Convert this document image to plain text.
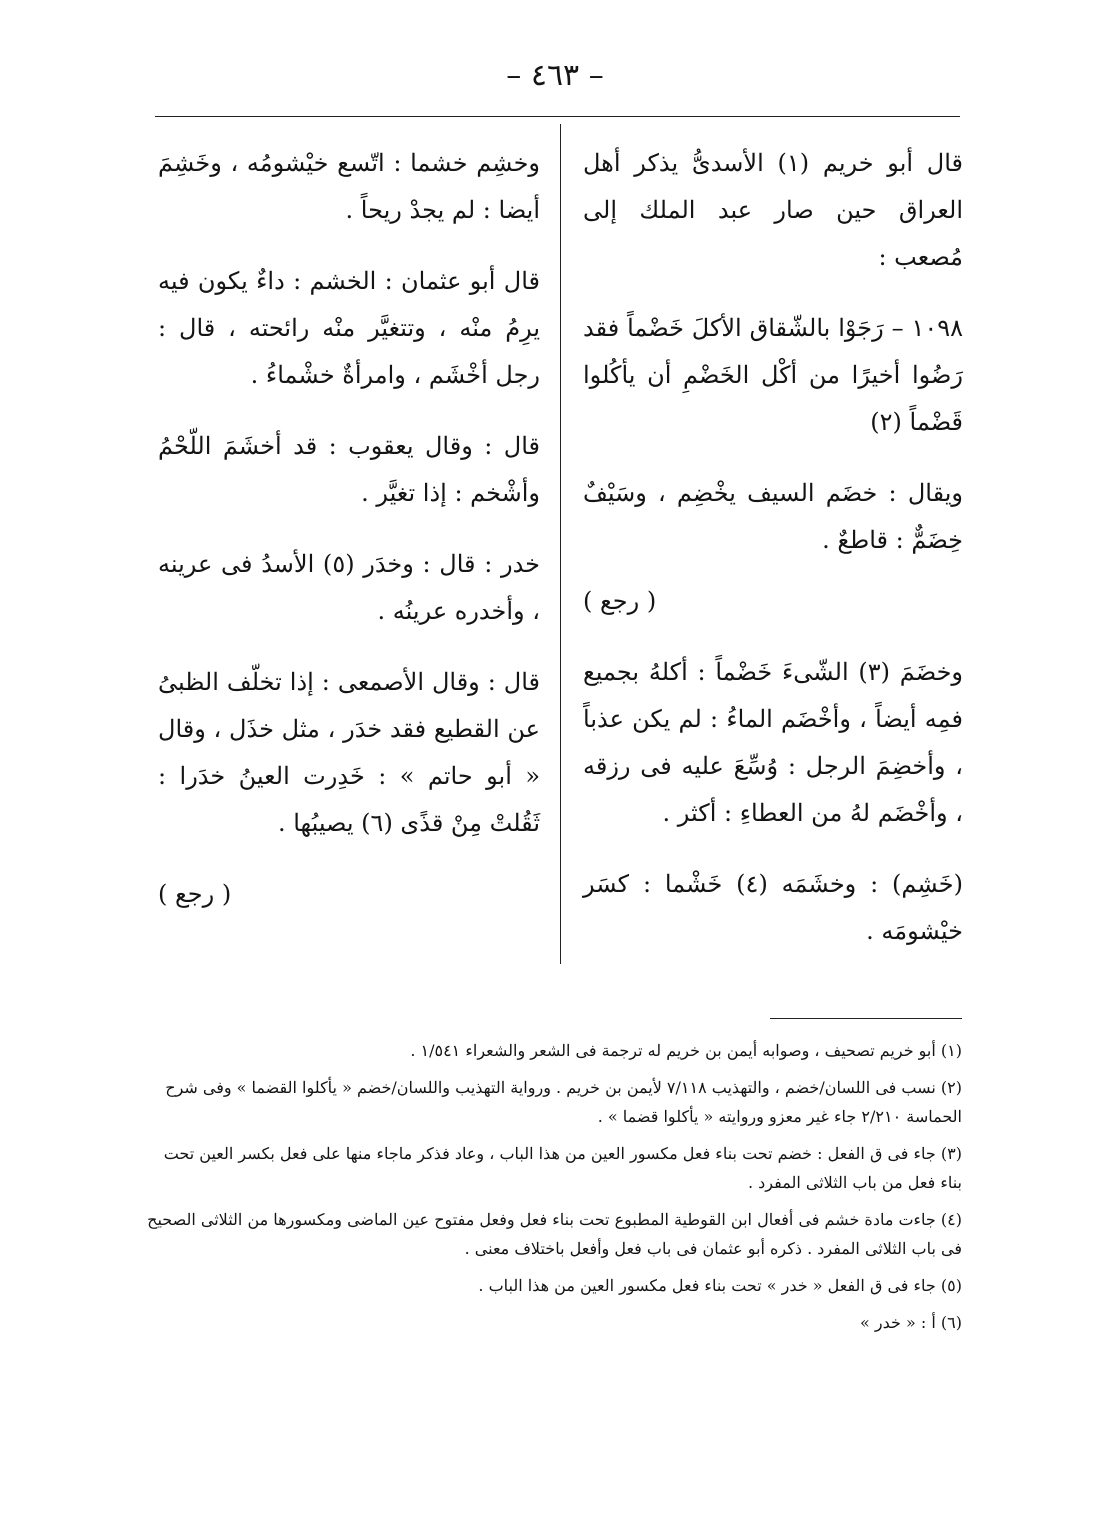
– ٤٦٣ –

قال أبو خريم (١) الأسدىُّ يذكر أهل العراق حين صار عبد الملك إلى مُصعب :

١٠٩٨ – رَجَوْا بالشّقاق الأكلَ خَضْماً فقد رَضُوا أخيرًا من أكْل الخَضْمِ أن يأكُلوا قَضْماً (٢)

ويقال : خضَم السيف يخْضِم ، وسَيْفٌ خِضَمٌّ : قاطعٌ .

( رجع )

وخضَمَ (٣) الشّىءَ خَضْماً : أكلهُ بجميع فمِه أيضاً ، وأخْضَم الماءُ : لم يكن عذباً ، وأخضِمَ الرجل : وُسِّعَ عليه فى رزقه ، وأخْضَم لهُ من العطاءِ : أكثر .

(خَشِم) : وخشَمَه (٤) خَشْما : كسَر خيْشومَه .

وخشِم خشما : اتّسع خيْشومُه ، وخَشِمَ أيضا : لم يجدْ ريحاً .

قال أبو عثمان : الخشم : داءٌ يكون فيه يرِمُ منْه ، وتتغيَّر منْه رائحته ، قال : رجل أخْشَم ، وامرأةٌ خشْماءُ .

قال : وقال يعقوب : قد أخشَمَ اللّحْمُ وأشْخم : إذا تغيَّر .

خدر : قال : وخدَر (٥) الأسدُ فى عرينه ، وأخدره عرينُه .

قال : وقال الأصمعى : إذا تخلّف الظبىُ عن القطيع فقد خدَر ، مثل خذَل ، وقال « أبو حاتم » : خَدِرت العينُ خدَرا : ثَقُلتْ مِنْ قذًى (٦) يصيبُها .

( رجع )

(١) أبو خريم تصحيف ، وصوابه أيمن بن خريم له ترجمة فى الشعر والشعراء ١/٥٤١ .

(٢) نسب فى اللسان/خضم ، والتهذيب ٧/١١٨ لأيمن بن خريم . ورواية التهذيب واللسان/خضم « يأكلوا القضما » وفى شرح الحماسة ٢/٢١٠ جاء غير معزو وروايته « يأكلوا قضما » .

(٣) جاء فى ق الفعل : خضم تحت بناء فعل مكسور العين من هذا الباب ، وعاد فذكر ماجاء منها على فعل بكسر العين تحت بناء فعل من باب الثلاثى المفرد .

(٤) جاءت مادة خشم فى أفعال ابن القوطية المطبوع تحت بناء فعل وفعل مفتوح عين الماضى ومكسورها من الثلاثى الصحيح فى باب الثلاثى المفرد . ذكره أبو عثمان فى باب فعل وأفعل باختلاف معنى .

(٥) جاء فى ق الفعل « خدر » تحت بناء فعل مكسور العين من هذا الباب .

(٦) أ : « خدر »
